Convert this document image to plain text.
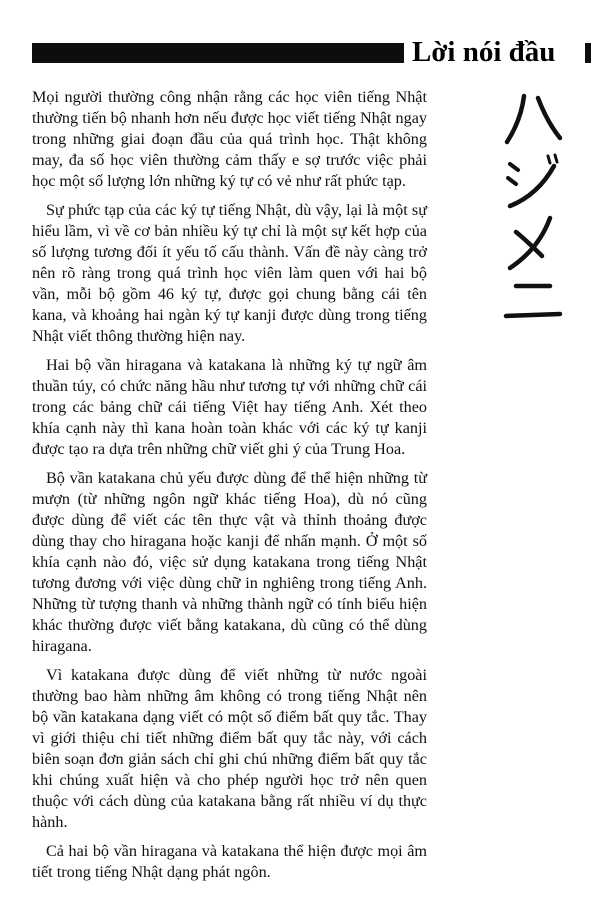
Lời nói đầu

Mọi người thường công nhận rằng các học viên tiếng Nhật thường tiến bộ nhanh hơn nếu được học viết tiếng Nhật ngay trong những giai đoạn đầu của quá trình học. Thật không may, đa số học viên thường cảm thấy e sợ trước việc phải học một số lượng lớn những ký tự có vẻ như rất phức tạp.

Sự phức tạp của các ký tự tiếng Nhật, dù vậy, lại là một sự hiểu lầm, vì về cơ bản nhiều ký tự chỉ là một sự kết hợp của số lượng tương đối ít yếu tố cấu thành. Vấn đề này càng trở nên rõ ràng trong quá trình học viên làm quen với hai bộ vần, mỗi bộ gồm 46 ký tự, được gọi chung bằng cái tên kana, và khoảng hai ngàn ký tự kanji được dùng trong tiếng Nhật viết thông thường hiện nay.

Hai bộ vần hiragana và katakana là những ký tự ngữ âm thuần túy, có chức năng hầu như tương tự với những chữ cái trong các bảng chữ cái tiếng Việt hay tiếng Anh. Xét theo khía cạnh này thì kana hoàn toàn khác với các ký tự kanji được tạo ra dựa trên những chữ viết ghi ý của Trung Hoa.

Bộ vần katakana chủ yếu được dùng để thể hiện những từ mượn (từ những ngôn ngữ khác tiếng Hoa), dù nó cũng được dùng để viết các tên thực vật và thỉnh thoảng được dùng thay cho hiragana hoặc kanji để nhấn mạnh. Ở một số khía cạnh nào đó, việc sử dụng katakana trong tiếng Nhật tương đương với việc dùng chữ in nghiêng trong tiếng Anh. Những từ tượng thanh và những thành ngữ có tính biểu hiện khác thường được viết bằng katakana, dù cũng có thể dùng hiragana.

Vì katakana được dùng để viết những từ nước ngoài thường bao hàm những âm không có trong tiếng Nhật nên bộ vần katakana dạng viết có một số điểm bất quy tắc. Thay vì giới thiệu chi tiết những điểm bất quy tắc này, với cách biên soạn đơn giản sách chỉ ghi chú những điểm bất quy tắc khi chúng xuất hiện và cho phép người học trở nên quen thuộc với cách dùng của katakana bằng rất nhiều ví dụ thực hành.

Cả hai bộ vần hiragana và katakana thể hiện được mọi âm tiết trong tiếng Nhật dạng phát ngôn.
